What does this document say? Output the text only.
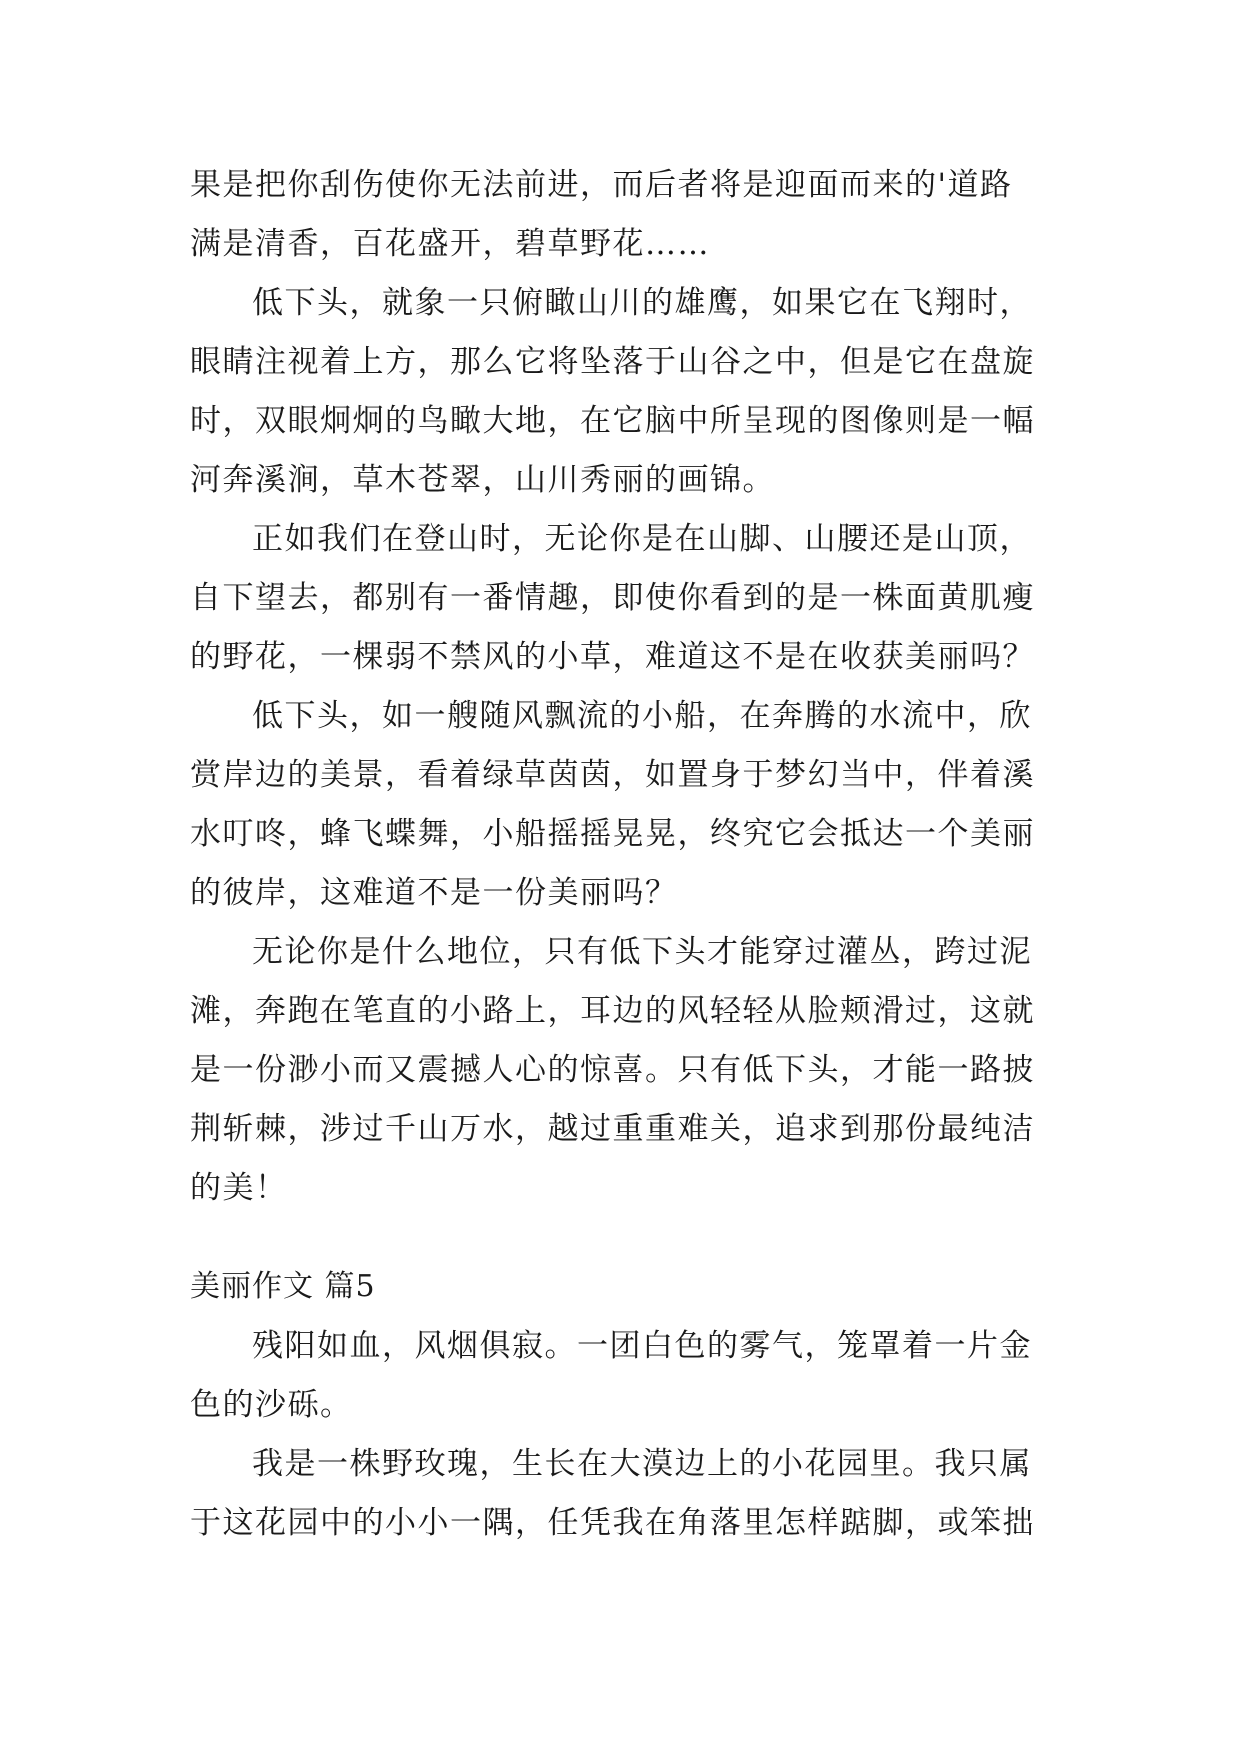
果是把你刮伤使你无法前进，而后者将是迎面而来的'道路
满是清香，百花盛开，碧草野花……
低下头，就象一只俯瞰山川的雄鹰，如果它在飞翔时，
眼睛注视着上方，那么它将坠落于山谷之中，但是它在盘旋
时，双眼炯炯的鸟瞰大地，在它脑中所呈现的图像则是一幅
河奔溪涧，草木苍翠，山川秀丽的画锦。
正如我们在登山时，无论你是在山脚、山腰还是山顶，
自下望去，都别有一番情趣，即使你看到的是一株面黄肌瘦
的野花，一棵弱不禁风的小草，难道这不是在收获美丽吗？
低下头，如一艘随风飘流的小船，在奔腾的水流中，欣
赏岸边的美景，看着绿草茵茵，如置身于梦幻当中，伴着溪
水叮咚，蜂飞蝶舞，小船摇摇晃晃，终究它会抵达一个美丽
的彼岸，这难道不是一份美丽吗？
无论你是什么地位，只有低下头才能穿过灌丛，跨过泥
滩，奔跑在笔直的小路上，耳边的风轻轻从脸颊滑过，这就
是一份渺小而又震撼人心的惊喜。只有低下头，才能一路披
荆斩棘，涉过千山万水，越过重重难关，追求到那份最纯洁
的美！
美丽作文 篇5
残阳如血，风烟俱寂。一团白色的雾气，笼罩着一片金
色的沙砾。
我是一株野玫瑰，生长在大漠边上的小花园里。我只属
于这花园中的小小一隅，任凭我在角落里怎样踮脚，或笨拙
